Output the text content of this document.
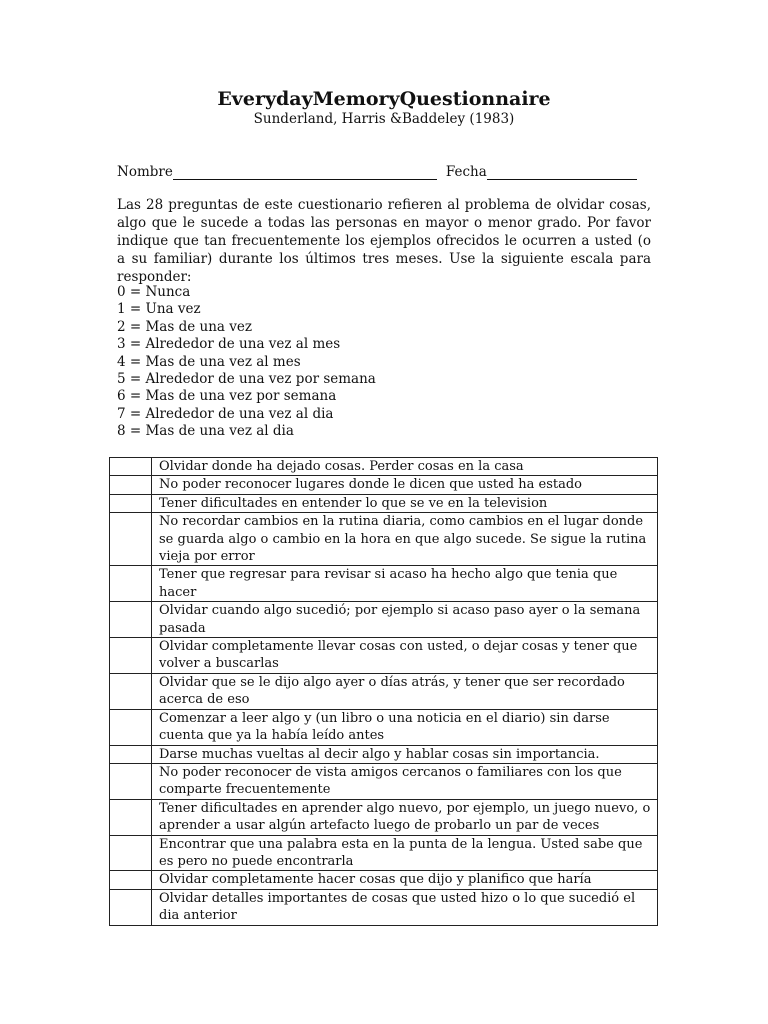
EverydayMemoryQuestionnaire
Sunderland, Harris &Baddeley (1983)
Nombre	Fecha
Las 28 preguntas de este cuestionario refieren al problema de olvidar cosas, algo que le sucede a todas las personas en mayor o menor grado. Por favor indique que tan frecuentemente los ejemplos ofrecidos le ocurren a usted (o a su familiar) durante los últimos tres meses. Use la siguiente escala para responder:
0 = Nunca
1 = Una vez
2 = Mas de una vez
3 = Alrededor de una vez al mes
4 = Mas de una vez al mes
5 = Alrededor de una vez por semana
6 = Mas de una vez por semana
7 = Alrededor de una vez al dia
8 = Mas de una vez al dia
	Olvidar donde ha dejado cosas. Perder cosas en la casa
	No poder reconocer lugares donde le dicen que usted ha estado
	Tener dificultades en entender lo que se ve en la television
	No recordar cambios en la rutina diaria, como cambios en el lugar donde se guarda algo o cambio en la hora en que algo sucede. Se sigue la rutina vieja por error
	Tener que regresar para revisar si acaso ha hecho algo que tenia que hacer
	Olvidar cuando algo sucedió; por ejemplo si acaso paso ayer o la semana pasada
	Olvidar completamente llevar cosas con usted, o dejar cosas y tener que volver a buscarlas
	Olvidar que se le dijo algo ayer o días atrás, y tener que ser recordado acerca de eso
	Comenzar a leer algo y (un libro o una noticia en el diario) sin darse cuenta que ya la había leído antes
	Darse muchas vueltas al decir algo y hablar cosas sin importancia.
	No poder reconocer de vista amigos cercanos o familiares con los que comparte frecuentemente
	Tener dificultades en aprender algo nuevo, por ejemplo, un juego nuevo, o aprender a usar algún artefacto luego de probarlo un par de veces
	Encontrar que una palabra esta en la punta de la lengua. Usted sabe que es pero no puede encontrarla
	Olvidar completamente hacer cosas que dijo y planifico que haría
	Olvidar detalles importantes de cosas que usted hizo o lo que sucedió el dia anterior
